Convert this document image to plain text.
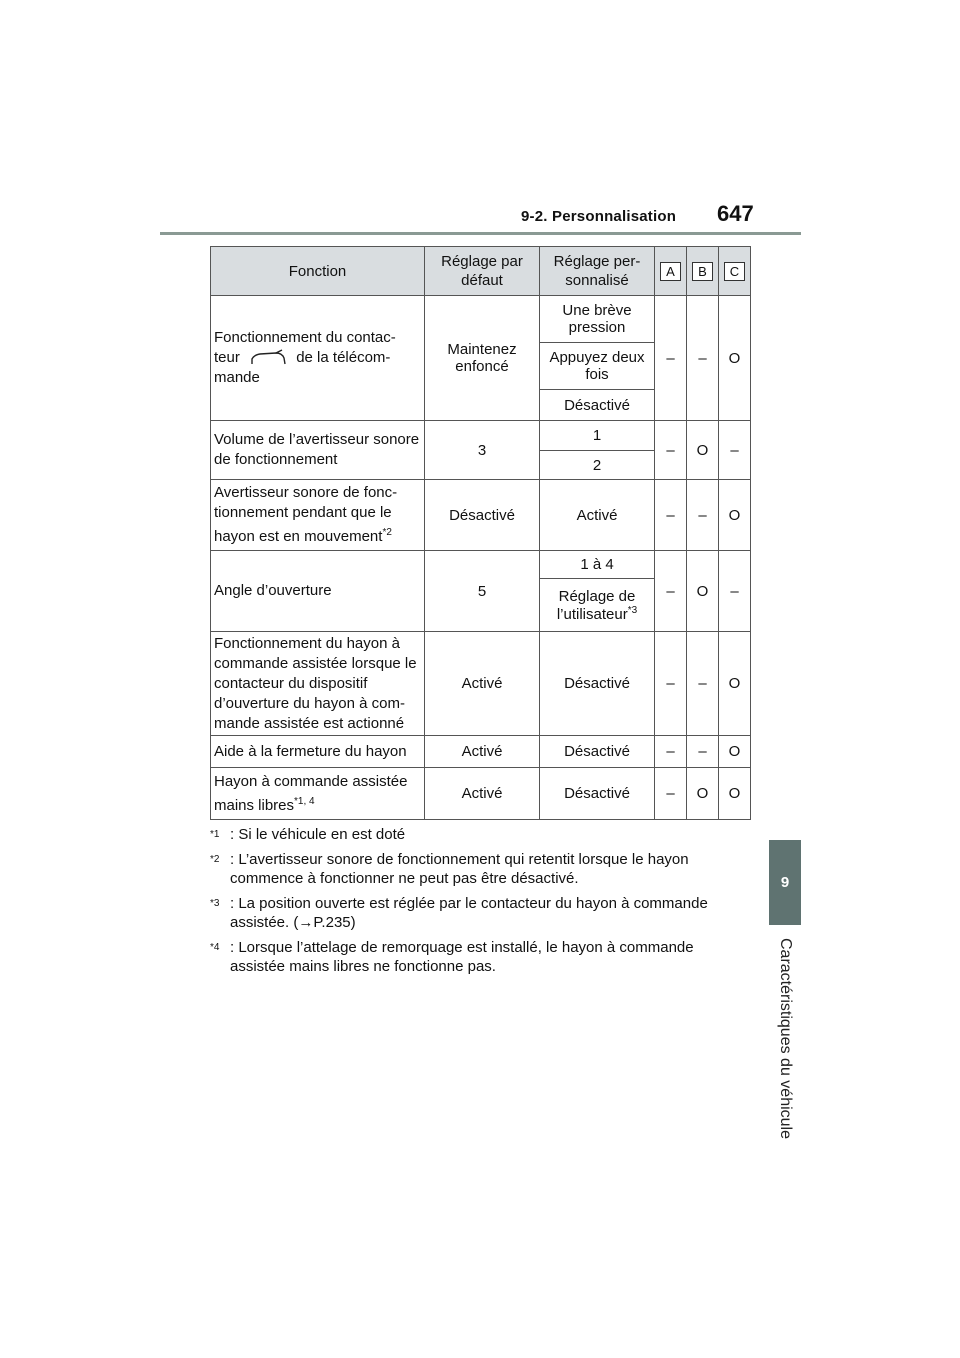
9-2. Personnalisation 647
9
Caractéristiques du véhicule
Fonction	Réglage par défaut	Réglage per-sonnalisé	A	B	C
Fonctionnement du contac-
teur de la télécom-
mande	Maintenez enfoncé	Une brève pression	–	–	O
		Appuyez deux fois			
		Désactivé			
Volume de l’avertisseur sonore de fonctionnement	3	1	–	O	–
		2			
Avertisseur sonore de fonc-tionnement pendant que le hayon est en mouvement$^{*2}$	Désactivé	Activé	–	–	O
Angle d’ouverture	5	1 à 4	–	O	–
		Réglage de l’utilisateur$^{*3}$
Fonctionnement du hayon à commande assistée lorsque le contacteur du dispositif d’ouverture du hayon à com-mande assistée est actionné	Activé	Désactivé	–	–	O
Aide à la fermeture du hayon	Activé	Désactivé	–	–	O
Hayon à commande assistée mains libres$^{*1, 4}$	Activé	Désactivé	–	O	O
$^{*1}$ : Si le véhicule en est doté
$^{*2}$ : L’avertisseur sonore de fonctionnement qui retentit lorsque le hayon commence à fonctionner ne peut pas être désactivé.
$^{*3}$ : La position ouverte est réglée par le contacteur du hayon à commande assistée. (→P.235)
$^{*4}$ : Lorsque l’attelage de remorquage est installé, le hayon à commande assistée mains libres ne fonctionne pas.
